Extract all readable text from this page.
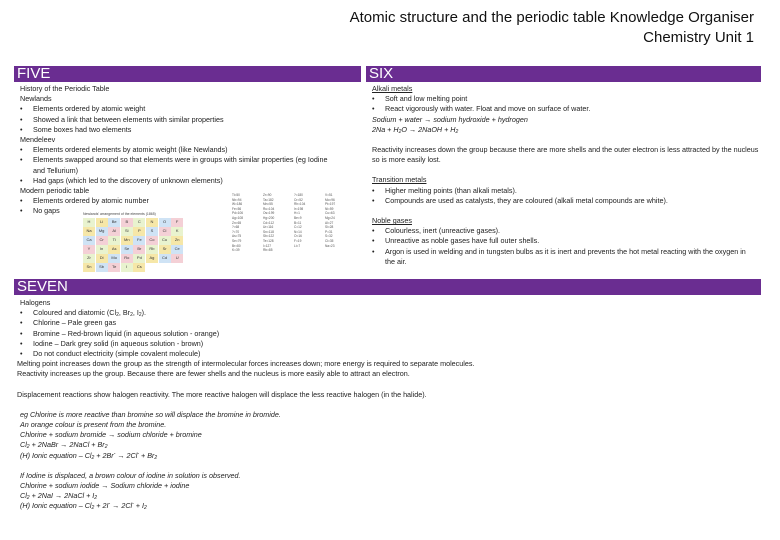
Atomic structure and the periodic table Knowledge Organiser
Chemistry Unit 1
FIVE	SIX
SEVEN
History of the Periodic Table
Newlands
•	Elements ordered by atomic weight
•	Showed a link that between elements with similar properties
•	Some boxes had two elements
Mendeleev
•	Elements ordered elements by atomic weight (like Newlands)
•	Elements swapped around so that elements were in groups with similar properties (eg Iodine and Tellurium)
•	Had gaps (which led to the discovery of unknown elements)
Modern periodic table
•	Elements ordered by atomic number
•	No gaps	Newlands' arrangement of the elements (1865)
H	Li	Be	B	C	N	O	F
Na	Mg	Al	Si	P	S	Cl	K
Ca	Cr	Ti	Mn	Fe	Co	Cu	Zn
Y	In	As	Se	Br	Rb	Sr	Ce
Zr	Di	Mo	Ro	Pd	Ag	Cd	U
Sn	Sb	Te	I	Cs
Ti=50	Zr=90	?=180	V=51
Nb=94	Ta=182	Cr=52	Mo=96
W=186	Mn=55	Rh=104	Pt=197
Fe=56	Ru=104	Ir=198	Ni=59
Pd=106	Os=199	H=1	Cu=63
Ag=108	Hg=200	Be=9	Mg=24
Zn=65	Cd=112	B=11	Al=27
?=68	Ur=116	C=12	Si=28
?=70	Sn=118	N=14	P=31
As=75	Sb=122	O=16	S=32
Se=79	Te=128	F=19	Cl=35
Br=80	I=127	Li=7	Na=23
K=39	Rb=85
Alkali metals
•	Soft and low melting point
•	React vigorously with water. Float and move on surface of water.
Sodium + water → sodium hydroxide + hydrogen
$2Na + H_2O$ → 2NaOH + $H_2$
Reactivity increases down the group because there are more shells and the outer electron is less attracted by the nucleus so is more easily lost.
Transition metals
•	Higher melting points (than alkali metals).
•	Compounds are used as catalysts, they are coloured (alkali metal compounds are white).
Noble gases
•	Colourless, inert (unreactive gases).
•	Unreactive as noble gases have full outer shells.
•	Argon is used in welding and in tungsten bulbs as it is inert and prevents the hot metal reacting with the oxygen in the air.
Halogens
•	Coloured and diatomic ($Cl_2$, $Br_2$, $I_2$).
•	Chlorine – Pale green gas
•	Bromine – Red-brown liquid (in aqueous solution - orange)
•	Iodine – Dark grey solid (in aqueous solution - brown)
•	Do not conduct electricity (simple covalent molecule)
Melting point increases down the group as the strength of intermolecular forces increases down; more energy is required to separate molecules.
Reactivity increases up the group. Because there are fewer shells and the nucleus is more easily able to attract an electron.
Displacement reactions show halogen reactivity. The more reactive halogen will displace the less reactive halogen (in the halide).
eg Chlorine is more reactive than bromine so will displace the bromine in bromide.
An orange colour is present from the bromine.
Chlorine + sodium bromide → sodium chloride + bromine
$Cl_2$ + 2NaBr → 2NaCl + $Br_2$
(H) Ionic equation – $Cl_2 + 2Br^- \to 2Cl^- + Br_2$
If Iodine is displaced, a brown colour of iodine in solution is observed.
Chlorine + sodium iodide → Sodium chloride + iodine
$Cl_2 + 2NaI$ → 2NaCl + $I_2$
(H) Ionic equation – $Cl_2 + 2I^- \to 2Cl^- + I_2$
